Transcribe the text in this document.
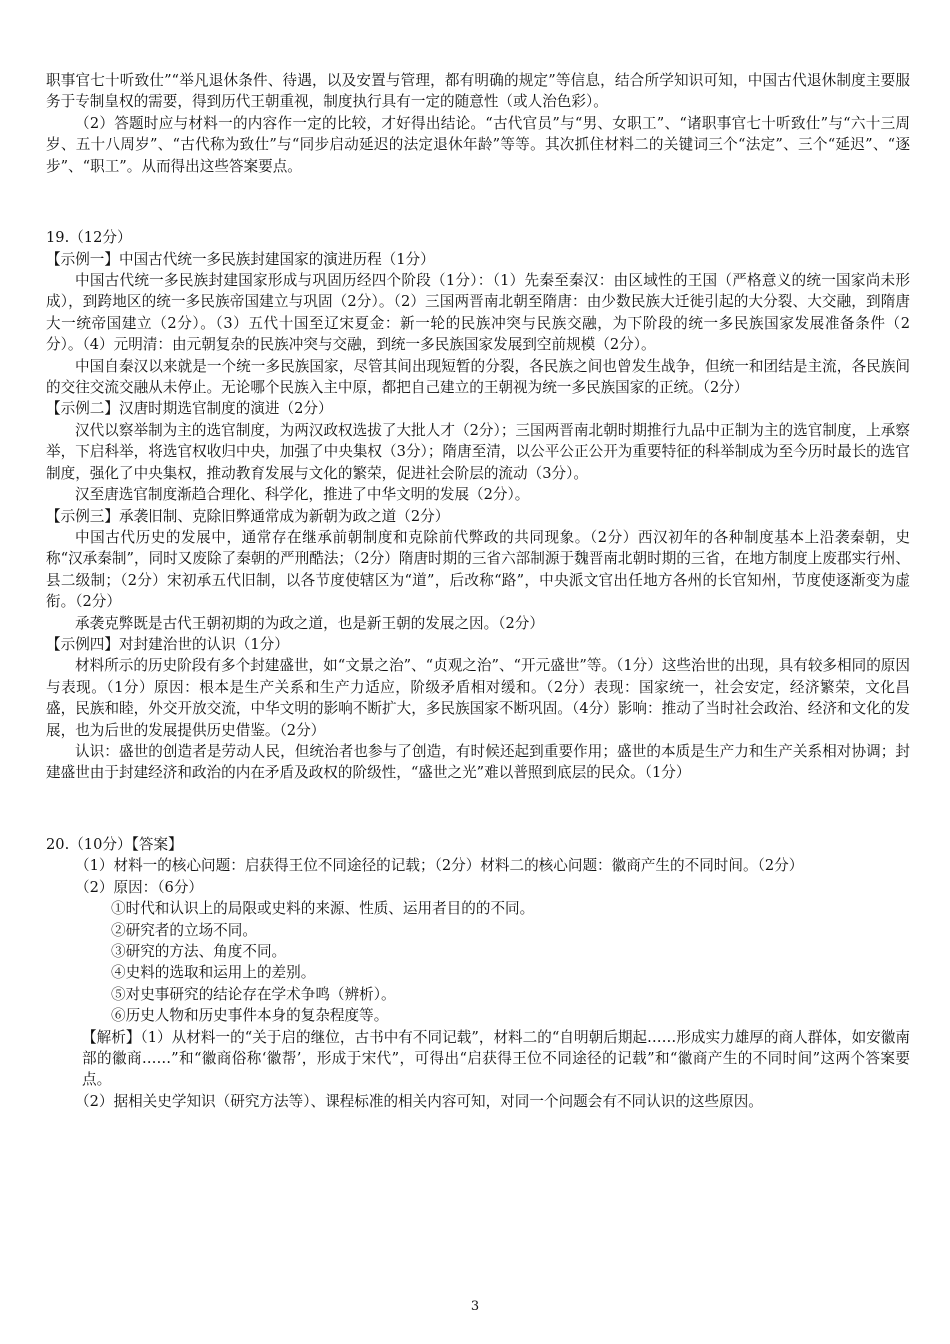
职事官七十听致仕”“举凡退休条件、待遇，以及安置与管理，都有明确的规定”等信息，结合所学知识可知，中国古代退休制度主要服务于专制皇权的需要，得到历代王朝重视，制度执行具有一定的随意性（或人治色彩）。

（2）答题时应与材料一的内容作一定的比较，才好得出结论。“古代官员”与“男、女职工”、“诸职事官七十听致仕”与“六十三周岁、五十八周岁”、“古代称为致仕”与“同步启动延迟的法定退休年龄”等等。其次抓住材料二的关键词三个“法定”、三个“延迟”、“逐步”、“职工”。从而得出这些答案要点。

19.（12分）

【示例一】中国古代统一多民族封建国家的演进历程（1分）

中国古代统一多民族封建国家形成与巩固历经四个阶段（1分）：（1）先秦至秦汉：由区域性的王国（严格意义的统一国家尚未形成），到跨地区的统一多民族帝国建立与巩固（2分）。（2）三国两晋南北朝至隋唐：由少数民族大迁徙引起的大分裂、大交融，到隋唐大一统帝国建立（2分）。（3）五代十国至辽宋夏金：新一轮的民族冲突与民族交融，为下阶段的统一多民族国家发展准备条件（2分）。（4）元明清：由元朝复杂的民族冲突与交融，到统一多民族国家发展到空前规模（2分）。

中国自秦汉以来就是一个统一多民族国家，尽管其间出现短暂的分裂，各民族之间也曾发生战争，但统一和团结是主流，各民族间的交往交流交融从未停止。无论哪个民族入主中原，都把自己建立的王朝视为统一多民族国家的正统。（2分）

【示例二】汉唐时期选官制度的演进（2分）

汉代以察举制为主的选官制度，为两汉政权选拔了大批人才（2分）；三国两晋南北朝时期推行九品中正制为主的选官制度，上承察举，下启科举，将选官权收归中央，加强了中央集权（3分）；隋唐至清，以公平公正公开为重要特征的科举制成为至今历时最长的选官制度，强化了中央集权，推动教育发展与文化的繁荣，促进社会阶层的流动（3分）。

汉至唐选官制度渐趋合理化、科学化，推进了中华文明的发展（2分）。

【示例三】承袭旧制、克除旧弊通常成为新朝为政之道（2分）

中国古代历史的发展中，通常存在继承前朝制度和克除前代弊政的共同现象。（2分）西汉初年的各种制度基本上沿袭秦朝，史称“汉承秦制”，同时又废除了秦朝的严刑酷法；（2分）隋唐时期的三省六部制源于魏晋南北朝时期的三省，在地方制度上废郡实行州、县二级制；（2分）宋初承五代旧制，以各节度使辖区为“道”，后改称“路”，中央派文官出任地方各州的长官知州，节度使逐渐变为虚衔。（2分）

承袭克弊既是古代王朝初期的为政之道，也是新王朝的发展之因。（2分）

【示例四】对封建治世的认识（1分）

材料所示的历史阶段有多个封建盛世，如“文景之治”、“贞观之治”、“开元盛世”等。（1分）这些治世的出现，具有较多相同的原因与表现。（1分）原因：根本是生产关系和生产力适应，阶级矛盾相对缓和。（2分）表现：国家统一，社会安定，经济繁荣，文化昌盛，民族和睦，外交开放交流，中华文明的影响不断扩大，多民族国家不断巩固。（4分）影响：推动了当时社会政治、经济和文化的发展，也为后世的发展提供历史借鉴。（2分）

认识：盛世的创造者是劳动人民，但统治者也参与了创造，有时候还起到重要作用；盛世的本质是生产力和生产关系相对协调；封建盛世由于封建经济和政治的内在矛盾及政权的阶级性，“盛世之光”难以普照到底层的民众。（1分）

20.（10分）【答案】

（1）材料一的核心问题：启获得王位不同途径的记载；（2分）材料二的核心问题：徽商产生的不同时间。（2分）

（2）原因：（6分）

①时代和认识上的局限或史料的来源、性质、运用者目的的不同。

②研究者的立场不同。

③研究的方法、角度不同。

④史料的选取和运用上的差别。

⑤对史事研究的结论存在学术争鸣（辨析）。

⑥历史人物和历史事件本身的复杂程度等。

【解析】（1）从材料一的“关于启的继位，古书中有不同记载”，材料二的“自明朝后期起……形成实力雄厚的商人群体，如安徽南部的徽商……”和“徽商俗称‘徽帮’，形成于宋代”，可得出“启获得王位不同途径的记载”和“徽商产生的不同时间”这两个答案要点。

（2）据相关史学知识（研究方法等）、课程标准的相关内容可知，对同一个问题会有不同认识的这些原因。

3
